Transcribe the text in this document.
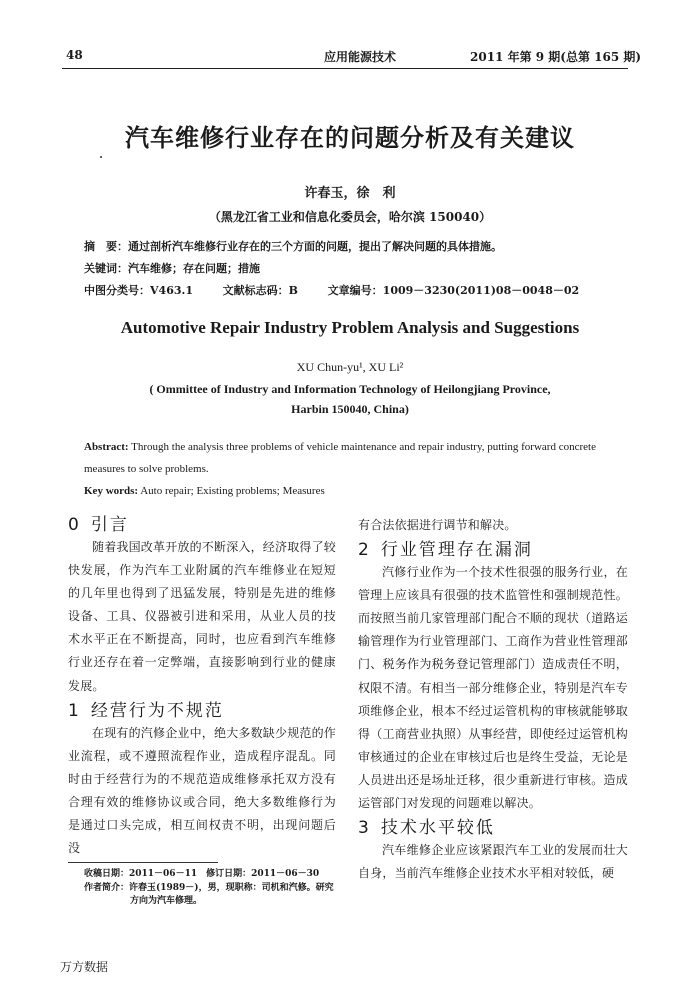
48	应用能源技术	2011 年第 9 期(总第 165 期)
汽车维修行业存在的问题分析及有关建议
许春玉，徐　利
（黑龙江省工业和信息化委员会，哈尔滨 150040）
摘　要：通过剖析汽车维修行业存在的三个方面的问题，提出了解决问题的具体措施。
关键词：汽车维修；存在问题；措施
中图分类号：V463.1	文献标志码：B	文章编号：1009－3230(2011)08－0048－02
Automotive Repair Industry Problem Analysis and Suggestions
XU Chun-yu¹, XU Li²
( Ommittee of Industry and Information Technology of Heilongjiang Province,
Harbin 150040, China)
Abstract: Through the analysis three problems of vehicle maintenance and repair industry, putting forward concrete measures to solve problems.
Key words: Auto repair; Existing problems; Measures
0 引言

随着我国改革开放的不断深入，经济取得了较快发展，作为汽车工业附属的汽车维修业在短短的几年里也得到了迅猛发展，特别是先进的维修设备、工具、仪器被引进和采用，从业人员的技术水平正在不断提高，同时，也应看到汽车维修行业还存在着一定弊端，直接影响到行业的健康发展。

1 经营行为不规范

在现有的汽修企业中，绝大多数缺少规范的作业流程，或不遵照流程作业，造成程序混乱。同时由于经营行为的不规范造成维修承托双方没有合理有效的维修协议或合同，绝大多数维修行为是通过口头完成，相互间权责不明，出现问题后没

有合法依据进行调节和解决。

2 行业管理存在漏洞

汽修行业作为一个技术性很强的服务行业，在管理上应该具有很强的技术监管性和强制规范性。而按照当前几家管理部门配合不顺的现状（道路运输管理作为行业管理部门、工商作为营业性管理部门、税务作为税务登记管理部门）造成责任不明，权限不清。有相当一部分维修企业，特别是汽车专项维修企业，根本不经过运管机构的审核就能够取得（工商营业执照）从事经营，即使经过运管机构审核通过的企业在审核过后也是终生受益，无论是人员进出还是场址迁移，很少重新进行审核。造成运管部门对发现的问题难以解决。

3 技术水平较低

汽车维修企业应该紧跟汽车工业的发展而壮大自身，当前汽车维修企业技术水平相对较低，硬

收稿日期：2011－06－11　修订日期：2011－06－30
作者简介：许春玉(1989－)，男，现职称：司机和汽修。研究
方向为汽车修理。
万方数据
